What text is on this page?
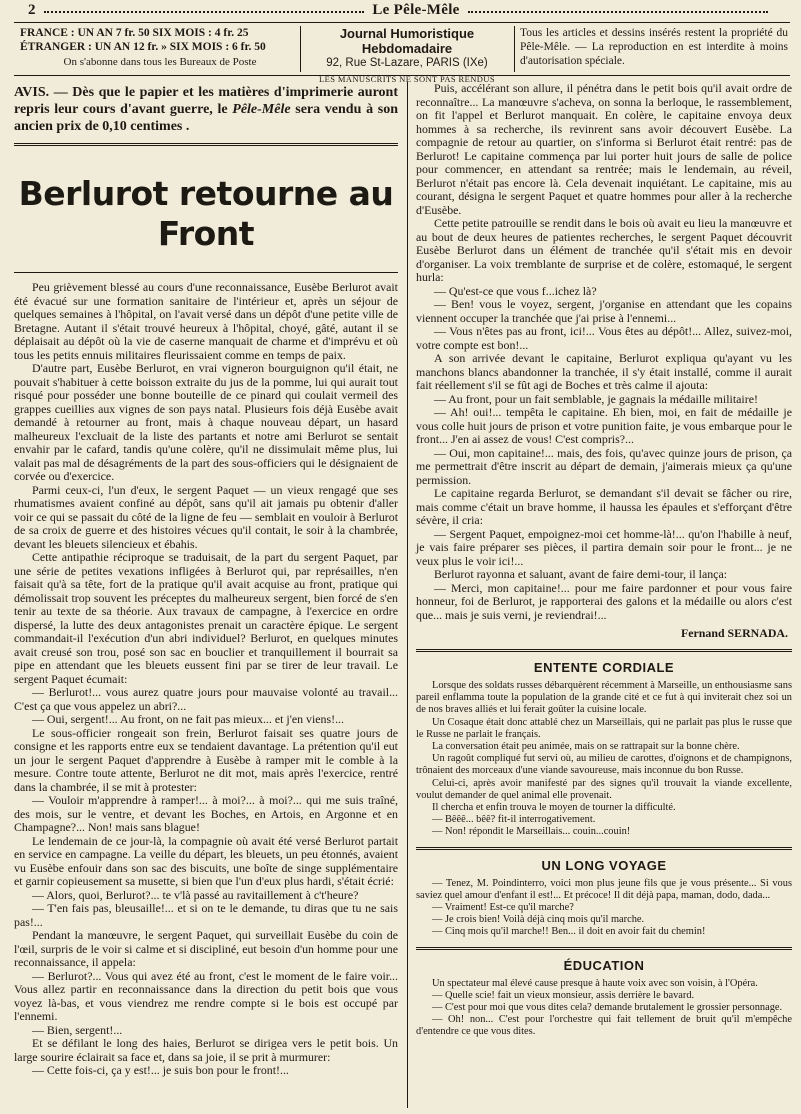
2	Le Pêle-Mêle
FRANCE : UN AN 7 fr. 50 SIX MOIS : 4 fr. 25
ÉTRANGER : UN AN 12 fr. » SIX MOIS : 6 fr. 50
On s'abonne dans tous les Bureaux de Poste
Journal Humoristique Hebdomadaire
92, Rue St-Lazare, PARIS (IXe)
LES MANUSCRITS NE SONT PAS RENDUS
Tous les articles et dessins insérés restent la propriété du Pêle-Mêle. — La reproduction en est interdite à moins d'autorisation spéciale.
AVIS. — Dès que le papier et les matières d'imprimerie auront repris leur cours d'avant guerre, le Pêle-Mêle sera vendu à son ancien prix de 0,10 centimes .
Berlurot retourne au Front

Peu grièvement blessé au cours d'une reconnaissance, Eusèbe Berlurot avait été évacué sur une formation sanitaire de l'intérieur et, après un séjour de quelques semaines à l'hôpital, on l'avait versé dans un dépôt d'une petite ville de Bretagne. Autant il s'était trouvé heureux à l'hôpital, choyé, gâté, autant il se déplaisait au dépôt où la vie de caserne manquait de charme et d'imprévu et où tous les petits ennuis militaires fleurissaient comme en temps de paix.

D'autre part, Eusèbe Berlurot, en vrai vigneron bourguignon qu'il était, ne pouvait s'habituer à cette boisson extraite du jus de la pomme, lui qui aurait tout risqué pour posséder une bonne bouteille de ce pinard qui coulait vermeil des grappes cueillies aux vignes de son pays natal. Plusieurs fois déjà Eusèbe avait demandé à retourner au front, mais à chaque nouveau départ, un hasard malheureux l'excluait de la liste des partants et notre ami Berlurot se sentait envahir par le cafard, tandis qu'une colère, qu'il ne dissimulait même plus, lui valait pas mal de désagréments de la part des sous-officiers qui le désignaient de corvée ou d'exercice.

Parmi ceux-ci, l'un d'eux, le sergent Paquet — un vieux rengagé que ses rhumatismes avaient confiné au dépôt, sans qu'il ait jamais pu obtenir d'aller voir ce qui se passait du côté de la ligne de feu — semblait en vouloir à Berlurot de sa croix de guerre et des histoires vécues qu'il contait, le soir à la chambrée, devant les bleuets silencieux et ébahis.

Cette antipathie réciproque se traduisait, de la part du sergent Paquet, par une série de petites vexations infligées à Berlurot qui, par représailles, n'en faisait qu'à sa tête, fort de la pratique qu'il avait acquise au front, pratique qui démolissait trop souvent les préceptes du malheureux sergent, bien forcé de s'en tenir au texte de sa théorie. Aux travaux de campagne, à l'exercice en ordre dispersé, la lutte des deux antagonistes prenait un caractère épique. Le sergent commandait-il l'exécution d'un abri individuel? Berlurot, en quelques minutes avait creusé son trou, posé son sac en bouclier et tranquillement il bourrait sa pipe en attendant que les bleuets eussent fini par se tirer de leur travail. Le sergent Paquet écumait:

— Berlurot!... vous aurez quatre jours pour mauvaise volonté au travail... C'est ça que vous appelez un abri?...

— Oui, sergent!... Au front, on ne fait pas mieux... et j'en viens!...

Le sous-officier rongeait son frein, Berlurot faisait ses quatre jours de consigne et les rapports entre eux se tendaient davantage. La prétention qu'il eut un jour le sergent Paquet d'apprendre à Eusèbe à ramper mit le comble à la mesure. Contre toute attente, Berlurot ne dit mot, mais après l'exercice, rentré dans la chambrée, il se mit à protester:

— Vouloir m'apprendre à ramper!... à moi?... à moi?... qui me suis traîné, des mois, sur le ventre, et devant les Boches, en Artois, en Argonne et en Champagne?... Non! mais sans blague!

Le lendemain de ce jour-là, la compagnie où avait été versé Berlurot partait en service en campagne. La veille du départ, les bleuets, un peu étonnés, avaient vu Eusèbe enfouir dans son sac des biscuits, une boîte de singe supplémentaire et garnir copieusement sa musette, si bien que l'un d'eux plus hardi, s'était écrié:

— Alors, quoi, Berlurot?... te v'là passé au ravitaillement à c't'heure?

— T'en fais pas, bleusaille!... et si on te le demande, tu diras que tu ne sais pas!...

Pendant la manœuvre, le sergent Paquet, qui surveillait Eusèbe du coin de l'œil, surpris de le voir si calme et si discipliné, eut besoin d'un homme pour une reconnaissance, il appela:

— Berlurot?... Vous qui avez été au front, c'est le moment de le faire voir... Vous allez partir en reconnaissance dans la direction du petit bois que vous voyez là-bas, et vous viendrez me rendre compte si le bois est occupé par l'ennemi.

— Bien, sergent!...

Et se défilant le long des haies, Berlurot se dirigea vers le petit bois. Un large sourire éclairait sa face et, dans sa joie, il se prit à murmurer:

— Cette fois-ci, ça y est!... je suis bon pour le front!...

Puis, accélérant son allure, il pénétra dans le petit bois qu'il avait ordre de reconnaître... La manœuvre s'acheva, on sonna la berloque, le rassemblement, on fit l'appel et Berlurot manquait. En colère, le capitaine envoya deux hommes à sa recherche, ils revinrent sans avoir découvert Eusèbe. La compagnie de retour au quartier, on s'informa si Berlurot était rentré: pas de Berlurot! Le capitaine commença par lui porter huit jours de salle de police pour commencer, en attendant sa rentrée; mais le lendemain, au réveil, Berlurot n'était pas encore là. Cela devenait inquiétant. Le capitaine, mis au courant, désigna le sergent Paquet et quatre hommes pour aller à la recherche d'Eusèbe.

Cette petite patrouille se rendit dans le bois où avait eu lieu la manœuvre et au bout de deux heures de patientes recherches, le sergent Paquet découvrit Eusèbe Berlurot dans un élément de tranchée qu'il s'était mis en devoir d'organiser. La voix tremblante de surprise et de colère, estomaqué, le sergent hurla:

— Qu'est-ce que vous f...ichez là?

— Ben! vous le voyez, sergent, j'organise en attendant que les copains viennent occuper la tranchée que j'ai prise à l'ennemi...

— Vous n'êtes pas au front, ici!... Vous êtes au dépôt!... Allez, suivez-moi, votre compte est bon!...

A son arrivée devant le capitaine, Berlurot expliqua qu'ayant vu les manchons blancs abandonner la tranchée, il s'y était installé, comme il aurait fait réellement s'il se fût agi de Boches et très calme il ajouta:

— Au front, pour un fait semblable, je gagnais la médaille militaire!

— Ah! oui!... tempêta le capitaine. Eh bien, moi, en fait de médaille je vous colle huit jours de prison et votre punition faite, je vous embarque pour le front... J'en ai assez de vous! C'est compris?...

— Oui, mon capitaine!... mais, des fois, qu'avec quinze jours de prison, ça me permettrait d'être inscrit au départ de demain, j'aimerais mieux ça qu'une permission.

Le capitaine regarda Berlurot, se demandant s'il devait se fâcher ou rire, mais comme c'était un brave homme, il haussa les épaules et s'efforçant d'être sévère, il cria:

— Sergent Paquet, empoignez-moi cet homme-là!... qu'on l'habille à neuf, je vais faire préparer ses pièces, il partira demain soir pour le front... je ne veux plus le voir ici!...

Berlurot rayonna et saluant, avant de faire demi-tour, il lança:

— Merci, mon capitaine!... pour me faire pardonner et pour vous faire honneur, foi de Berlurot, je rapporterai des galons et la médaille ou alors c'est que... mais je suis verni, je reviendrai!...

Fernand SERNADA.
ENTENTE CORDIALE

Lorsque des soldats russes débarquèrent récemment à Marseille, un enthousiasme sans pareil enflamma toute la population de la grande cité et ce fut à qui inviterait chez soi un de nos braves alliés et lui ferait goûter la cuisine locale.

Un Cosaque était donc attablé chez un Marseillais, qui ne parlait pas plus le russe que le Russe ne parlait le français.

La conversation était peu animée, mais on se rattrapait sur la bonne chère.

Un ragoût compliqué fut servi où, au milieu de carottes, d'oignons et de champignons, trônaient des morceaux d'une viande savoureuse, mais inconnue du bon Russe.

Celui-ci, après avoir manifesté par des signes qu'il trouvait la viande excellente, voulut demander de quel animal elle provenait.

Il chercha et enfin trouva le moyen de tourner la difficulté.

— Bêêê... bêê? fit-il interrogativement.

— Non! répondit le Marseillais... couin...couin!

UN LONG VOYAGE

— Tenez, M. Poindinterro, voici mon plus jeune fils que je vous présente... Si vous saviez quel amour d'enfant il est!... Et précoce! Il dit déjà papa, maman, dodo, dada...

— Vraiment! Est-ce qu'il marche?

— Je crois bien! Voilà déjà cinq mois qu'il marche.

— Cinq mois qu'il marche!! Ben... il doit en avoir fait du chemin!

ÉDUCATION

Un spectateur mal élevé cause presque à haute voix avec son voisin, à l'Opéra.

— Quelle scie! fait un vieux monsieur, assis derrière le bavard.

— C'est pour moi que vous dites cela? demande brutalement le grossier personnage.

— Oh! non... C'est pour l'orchestre qui fait tellement de bruit qu'il m'empêche d'entendre ce que vous dites.
